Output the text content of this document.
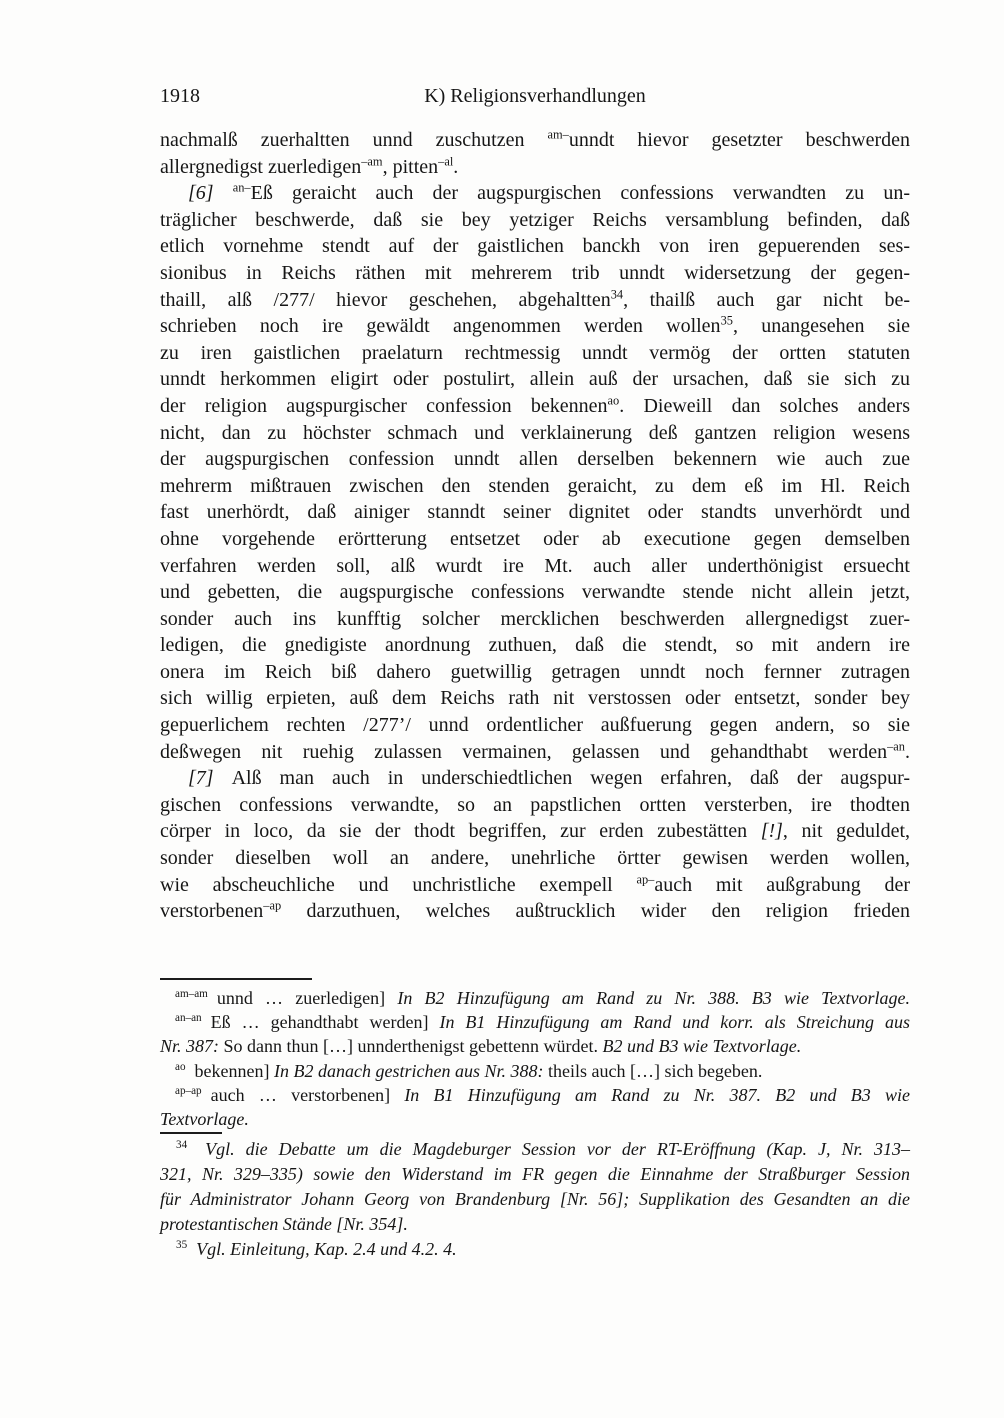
1918	K) Religionsverhandlungen
nachmalß zuerhaltten unnd zuschutzen $^{am-}$unndt hievor gesetzter beschwerden
allergnedigst zuerledigen$^{-am}$, pitten$^{-al}$.
[6] $^{an-}$Eß geraicht auch der augspurgischen confessions verwandten zu un-
träglicher beschwerde, daß sie bey yetziger Reichs versamblung befinden, daß
etlich vornehme stendt auf der gaistlichen banckh von iren gepuerenden ses-
sionibus in Reichs räthen mit mehrerem trib unndt widersetzung der gegen-
thaill, alß /277/ hievor geschehen, abgehaltten$^{34}$, thailß auch gar nicht be-
schrieben noch ire gewäldt angenommen werden wollen$^{35}$, unangesehen sie
zu iren gaistlichen praelaturn rechtmessig unndt vermög der ortten statuten
unndt herkommen eligirt oder postulirt, allein auß der ursachen, daß sie sich zu
der religion augspurgischer confession bekennen$^{ao}$. Dieweill dan solches anders
nicht, dan zu höchster schmach und verklainerung deß gantzen religion wesens
der augspurgischen confession unndt allen derselben bekennern wie auch zue
mehrerm mißtrauen zwischen den stenden geraicht, zu dem eß im Hl. Reich
fast unerhördt, daß ainiger stanndt seiner dignitet oder standts unverhördt und
ohne vorgehende erörtterung entsetzet oder ab executione gegen demselben
verfahren werden soll, alß wurdt ire Mt. auch aller underthönigist ersuecht
und gebetten, die augspurgische confessions verwandte stende nicht allein jetzt,
sonder auch ins kunfftig solcher mercklichen beschwerden allergnedigst zuer-
ledigen, die gnedigiste anordnung zuthuen, daß die stendt, so mit andern ire
onera im Reich biß dahero guetwillig getragen unndt noch fernner zutragen
sich willig erpieten, auß dem Reichs rath nit verstossen oder entsetzt, sonder bey
gepuerlichem rechten /277’/ unnd ordentlicher außfuerung gegen andern, so sie
deßwegen nit ruehig zulassen vermainen, gelassen und gehandthabt werden$^{-an}$.
[7] Alß man auch in underschiedtlichen wegen erfahren, daß der augspur-
gischen confessions verwandte, so an papstlichen ortten versterben, ire thodten
cörper in loco, da sie der thodt begriffen, zur erden zubestätten [!], nit geduldet,
sonder dieselben woll an andere, unehrliche örtter gewisen werden wollen,
wie abscheuchliche und unchristliche exempell $^{ap-}$auch mit außgrabung der
verstorbenen$^{-ap}$ darzuthuen, welches außtrucklich wider den religion frieden
$^{am-am}$ unnd … zuerledigen] In B2 Hinzufügung am Rand zu Nr. 388. B3 wie Textvorlage.
$^{an-an}$ Eß … gehandthabt werden] In B1 Hinzufügung am Rand und korr. als Streichung aus
Nr. 387: So dann thun […] unnderthenigst gebettenn würdet. B2 und B3 wie Textvorlage.
$^{ao}$ bekennen] In B2 danach gestrichen aus Nr. 388: theils auch […] sich begeben.
$^{ap-ap}$ auch … verstorbenen] In B1 Hinzufügung am Rand zu Nr. 387. B2 und B3 wie
Textvorlage.
$^{34}$  Vgl. die Debatte um die Magdeburger Session vor der RT-Eröffnung (Kap. J, Nr. 313–
321, Nr. 329–335) sowie den Widerstand im FR gegen die Einnahme der Straßburger Session
für Administrator Johann Georg von Brandenburg [Nr. 56]; Supplikation des Gesandten an die
protestantischen Stände [Nr. 354].
$^{35}$  Vgl. Einleitung, Kap. 2.4 und 4.2. 4.
